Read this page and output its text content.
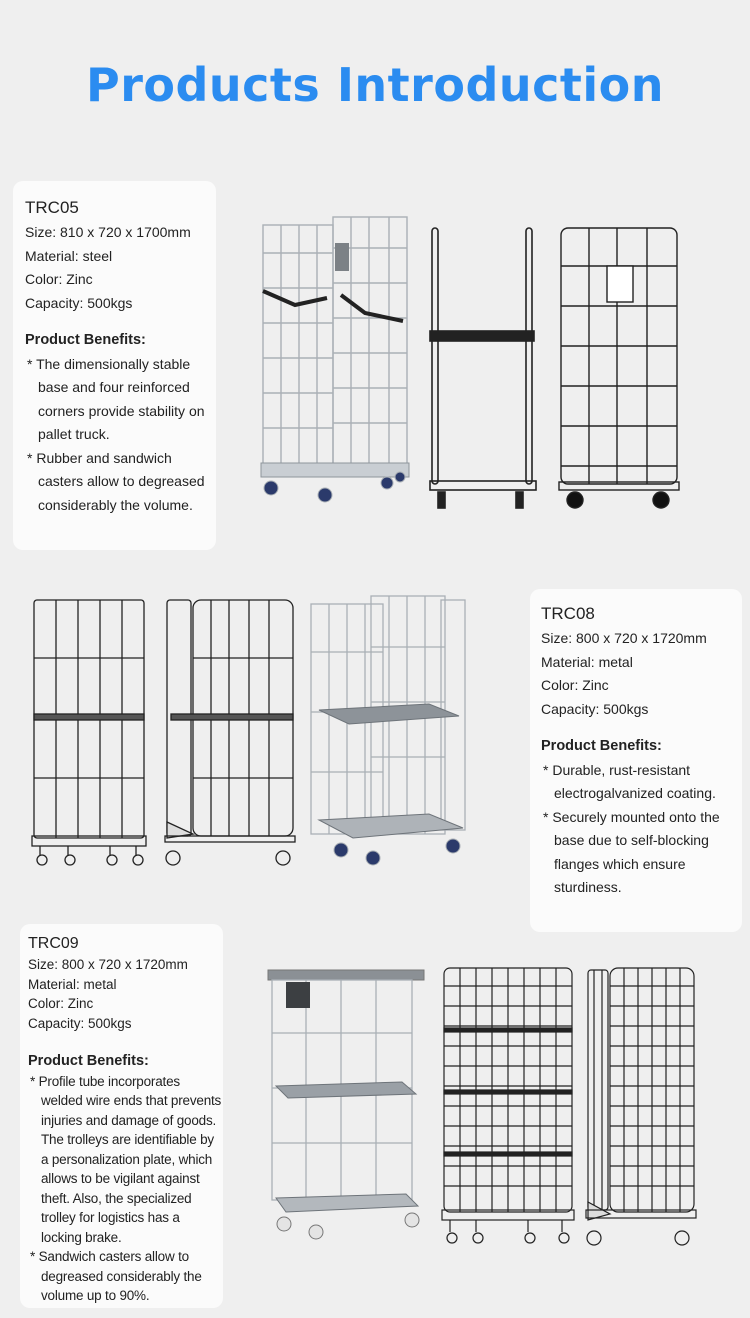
Products Introduction
TRC05
Size: 810 x 720 x 1700mm
Material: steel
Color: Zinc
Capacity: 500kgs
Product Benefits:
* The dimensionally stable base and four reinforced corners provide stability on pallet truck.
* Rubber and sandwich casters allow to degreased considerably the volume.
TRC08
Size: 800 x 720 x 1720mm
Material: metal
Color: Zinc
Capacity: 500kgs
Product Benefits:
* Durable, rust-resistant electrogalvanized coating.
* Securely mounted onto the base due to self-blocking flanges which ensure sturdiness.
TRC09
Size: 800 x 720 x 1720mm
Material: metal
Color: Zinc
Capacity: 500kgs
Product Benefits:
* Profile tube incorporates welded wire ends that prevents injuries and damage of goods. The trolleys are identifiable by a personalization plate, which allows to be vigilant against theft. Also, the specialized trolley for logistics has a locking brake.
* Sandwich casters allow to degreased considerably the volume up to 90%.
